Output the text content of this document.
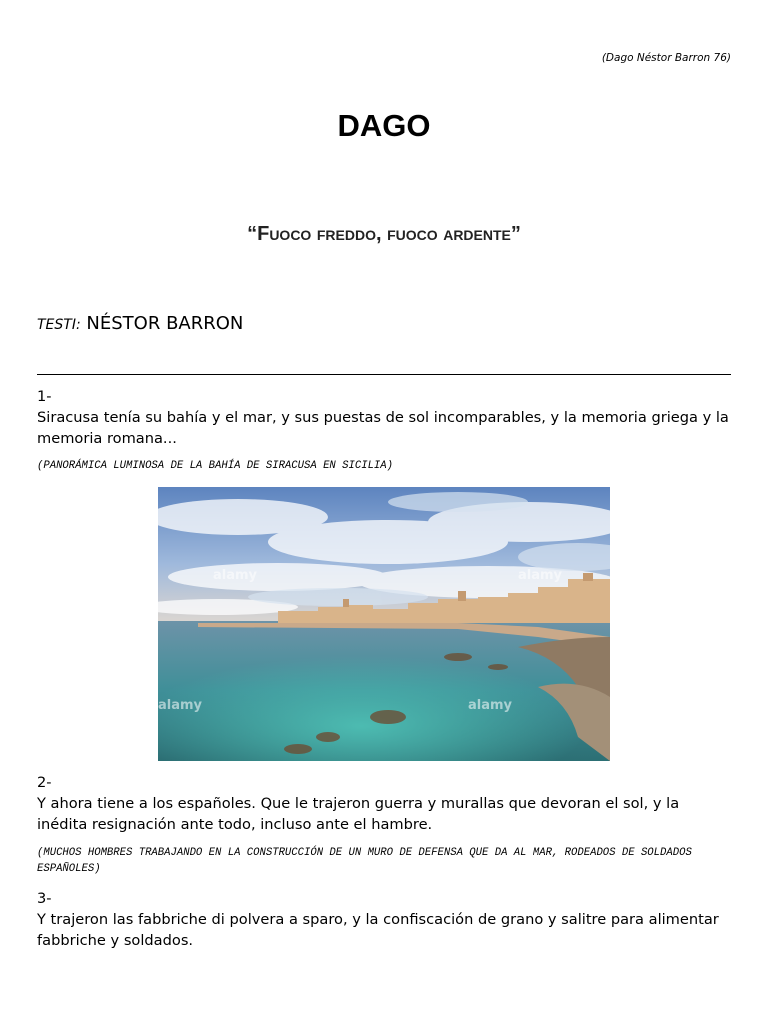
(Dago Néstor Barron 76)
DAGO
“Fuoco freddo, fuoco ardente”
TESTI: NÉSTOR BARRON
1-
Siracusa tenía su bahía y el mar, y sus puestas de sol incomparables, y la memoria griega y la memoria romana...
(PANORÁMICA LUMINOSA DE LA BAHÍA DE SIRACUSA EN SICILIA)
alamy	alamy
alamy	alamy
2-
Y ahora tiene a los españoles. Que le trajeron guerra y murallas que devoran el sol, y la inédita resignación ante todo, incluso ante el hambre.
(MUCHOS HOMBRES TRABAJANDO EN LA CONSTRUCCIÓN DE UN MURO DE DEFENSA QUE DA AL MAR, RODEADOS DE SOLDADOS ESPAÑOLES)
3-
Y trajeron las fabbriche di polvera a sparo, y la confiscación de grano y salitre para alimentar fabbriche y soldados.
